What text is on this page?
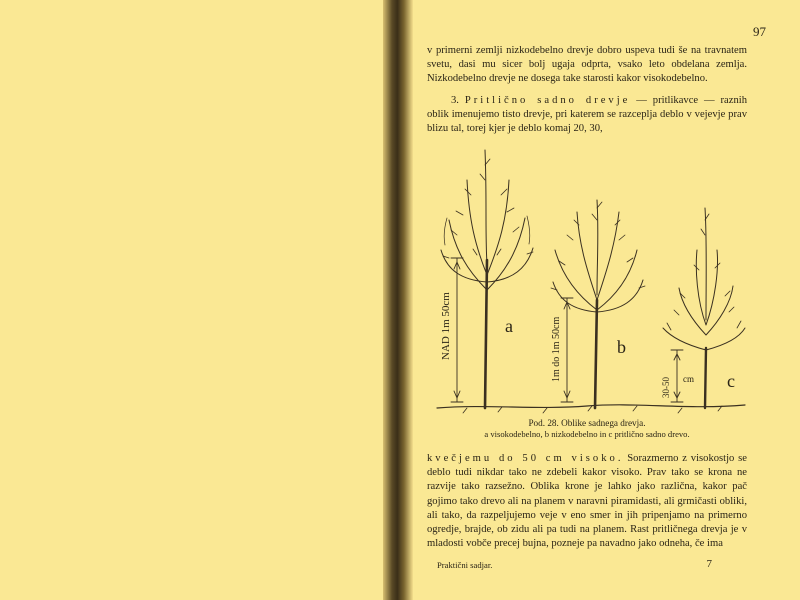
97
v primerni zemlji nizkodebelno drevje dobro uspeva tudi še na travnatem svetu, dasi mu sicer bolj ugaja odprta, vsako leto obdelana zemlja. Nizkodebelno drevje ne dosega take starosti kakor visokodebelno.
3. Pritlično sadno drevje — pritlikavce — raznih oblik imenujemo tisto drevje, pri katerem se razceplja deblo v vejevje prav blizu tal, torej kjer je deblo komaj 20, 30,
a
b
c
NAD 1m 50cm	1m do 1m 50cm
30-50 cm
Pod. 28. Oblike sadnega drevja.
a visokodebelno, b nizkodebelno in c pritlično sadno drevo.
kvečjemu do 50 cm visoko. Sorazmerno z visokostjo se deblo tudi nikdar tako ne zdebeli kakor visoko. Prav tako se krona ne razvije tako razsežno. Oblika krone je lahko jako različna, kakor pač gojimo tako drevo ali na planem v naravni piramidasti, ali grmičasti obliki, ali tako, da razpeljujemo veje v eno smer in jih pripenjamo na primerno ogredje, brajde, ob zidu ali pa tudi na planem. Rast pritličnega drevja je v mladosti vobče precej bujna, pozneje pa navadno jako odneha, če ima
Praktični sadjar.	7
